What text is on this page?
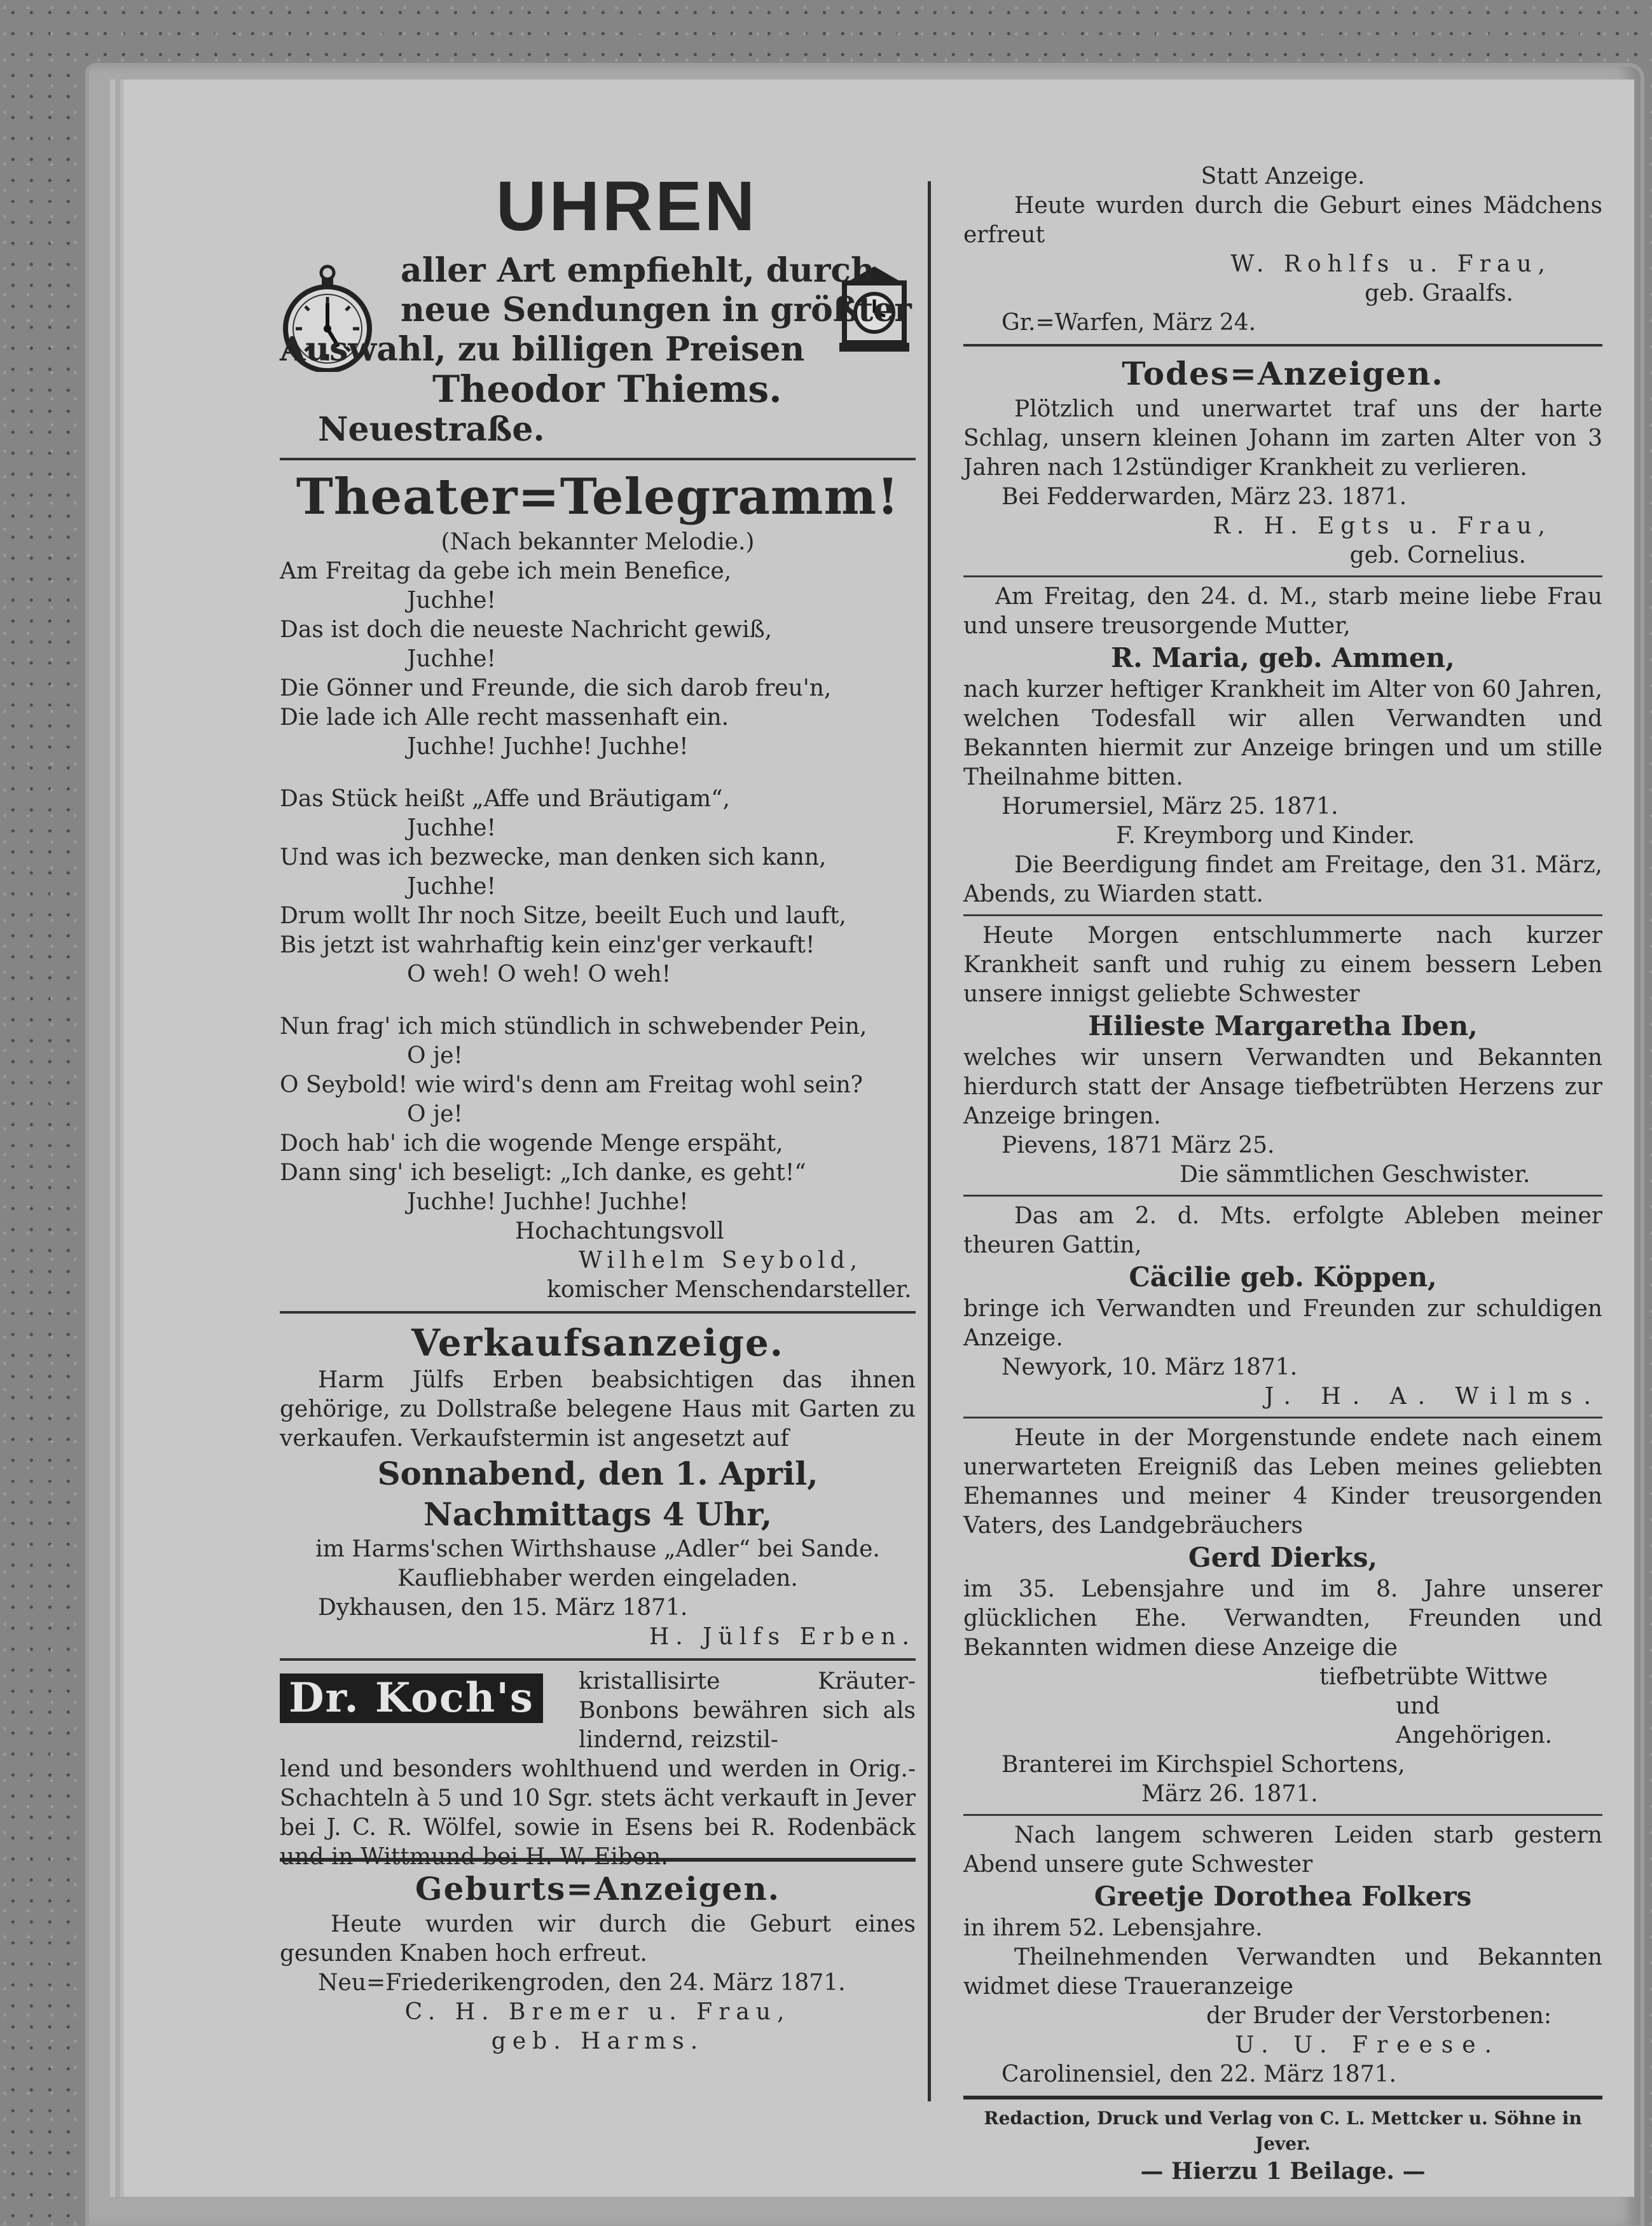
UHREN
aller Art empfiehlt, durch
neue Sendungen in größter
Auswahl, zu billigen Preisen
Theodor Thiems.
Neuestraße.
Theater=Telegramm!
(Nach bekannter Melodie.)
Am Freitag da gebe ich mein Benefice,
Juchhe!
Das ist doch die neueste Nachricht gewiß,
Juchhe!
Die Gönner und Freunde, die sich darob freu'n,
Die lade ich Alle recht massenhaft ein.
Juchhe! Juchhe! Juchhe!
Das Stück heißt „Affe und Bräutigam“,
Juchhe!
Und was ich bezwecke, man denken sich kann,
Juchhe!
Drum wollt Ihr noch Sitze, beeilt Euch und lauft,
Bis jetzt ist wahrhaftig kein einz'ger verkauft!
O weh! O weh! O weh!
Nun frag' ich mich stündlich in schwebender Pein,
O je!
O Seybold! wie wird's denn am Freitag wohl sein?
O je!
Doch hab' ich die wogende Menge erspäht,
Dann sing' ich beseligt: „Ich danke, es geht!“
Juchhe! Juchhe! Juchhe!
Hochachtungsvoll
Wilhelm Seybold,
komischer Menschendarsteller.
Verkaufsanzeige.
Harm Jülfs Erben beabsichtigen das ihnen gehörige, zu Dollstraße belegene Haus mit Garten zu verkaufen. Verkaufstermin ist angesetzt auf
Sonnabend, den 1. April,
Nachmittags 4 Uhr,
im Harms'schen Wirthshause „Adler“ bei Sande.
Kaufliebhaber werden eingeladen.
Dykhausen, den 15. März 1871.
H. Jülfs Erben.
Dr. Koch's	kristallisirte Kräuter-Bonbons bewähren sich als lindernd, reizstil-
lend und besonders wohlthuend und werden in Orig.-Schachteln à 5 und 10 Sgr. stets ächt verkauft in Jever bei J. C. R. Wölfel, sowie in Esens bei R. Rodenbäck und in Wittmund bei H. W. Eiben.
Geburts=Anzeigen.
Heute wurden wir durch die Geburt eines gesunden Knaben hoch erfreut.
Neu=Friederikengroden, den 24. März 1871.
C. H. Bremer u. Frau,
geb. Harms.
Statt Anzeige.
Heute wurden durch die Geburt eines Mädchens erfreut
W. Rohlfs u. Frau,
geb. Graalfs.
Gr.=Warfen, März 24.
Todes=Anzeigen.
Plötzlich und unerwartet traf uns der harte Schlag, unsern kleinen Johann im zarten Alter von 3 Jahren nach 12stündiger Krankheit zu verlieren.
Bei Fedderwarden, März 23. 1871.
R. H. Egts u. Frau,
geb. Cornelius.
Am Freitag, den 24. d. M., starb meine liebe Frau und unsere treusorgende Mutter,
R. Maria, geb. Ammen,
nach kurzer heftiger Krankheit im Alter von 60 Jahren, welchen Todesfall wir allen Verwandten und Bekannten hiermit zur Anzeige bringen und um stille Theilnahme bitten.
Horumersiel, März 25. 1871.
F. Kreymborg und Kinder.
Die Beerdigung findet am Freitage, den 31. März, Abends, zu Wiarden statt.
Heute Morgen entschlummerte nach kurzer Krankheit sanft und ruhig zu einem bessern Leben unsere innigst geliebte Schwester
Hilieste Margaretha Iben,
welches wir unsern Verwandten und Bekannten hierdurch statt der Ansage tiefbetrübten Herzens zur Anzeige bringen.
Pievens, 1871 März 25.
Die sämmtlichen Geschwister.
Das am 2. d. Mts. erfolgte Ableben meiner theuren Gattin,
Cäcilie geb. Köppen,
bringe ich Verwandten und Freunden zur schuldigen Anzeige.
Newyork, 10. März 1871.
J. H. A. Wilms.
Heute in der Morgenstunde endete nach einem unerwarteten Ereigniß das Leben meines geliebten Ehemannes und meiner 4 Kinder treusorgenden Vaters, des Landgebräuchers
Gerd Dierks,
im 35. Lebensjahre und im 8. Jahre unserer glücklichen Ehe. Verwandten, Freunden und Bekannten widmen diese Anzeige die
tiefbetrübte Wittwe
und Angehörigen.
Branterei im Kirchspiel Schortens,
März 26. 1871.
Nach langem schweren Leiden starb gestern Abend unsere gute Schwester
Greetje Dorothea Folkers
in ihrem 52. Lebensjahre.
Theilnehmenden Verwandten und Bekannten widmet diese Traueranzeige
der Bruder der Verstorbenen:
U. U. Freese.
Carolinensiel, den 22. März 1871.
Redaction, Druck und Verlag von C. L. Mettcker u. Söhne in Jever.
— Hierzu 1 Beilage. —
